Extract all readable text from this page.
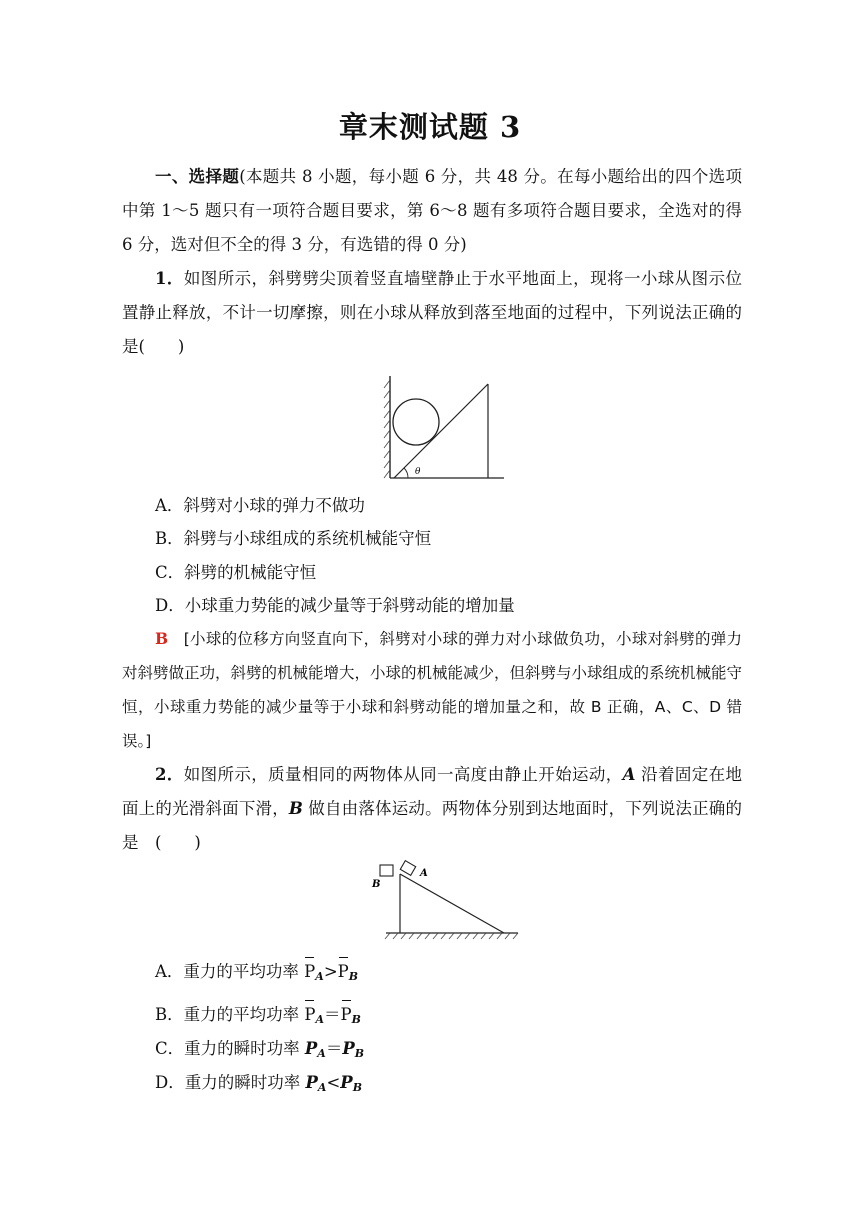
章末测试题 3
一、选择题(本题共 8 小题，每小题 6 分，共 48 分。在每小题给出的四个选项中第 1～5 题只有一项符合题目要求，第 6～8 题有多项符合题目要求，全选对的得 6 分，选对但不全的得 3 分，有选错的得 0 分)
1．如图所示，斜劈劈尖顶着竖直墙壁静止于水平地面上，现将一小球从图示位置静止释放，不计一切摩擦，则在小球从释放到落至地面的过程中，下列说法正确的是(　　)
θ
A．斜劈对小球的弹力不做功
B．斜劈与小球组成的系统机械能守恒
C．斜劈的机械能守恒
D．小球重力势能的减少量等于斜劈动能的增加量
B [小球的位移方向竖直向下，斜劈对小球的弹力对小球做负功，小球对斜劈的弹力对斜劈做正功，斜劈的机械能增大，小球的机械能减少，但斜劈与小球组成的系统机械能守恒，小球重力势能的减少量等于小球和斜劈动能的增加量之和，故 B 正确，A、C、D 错误。]
2．如图所示，质量相同的两物体从同一高度由静止开始运动，A 沿着固定在地面上的光滑斜面下滑，B 做自由落体运动。两物体分别到达地面时，下列说法正确的是　(　　)
B
A
A．重力的平均功率 $P_A>P_B$
B．重力的平均功率 $P_A=P_B$
C．重力的瞬时功率 $P_A=P_B$
D．重力的瞬时功率 $P_A<P_B$
